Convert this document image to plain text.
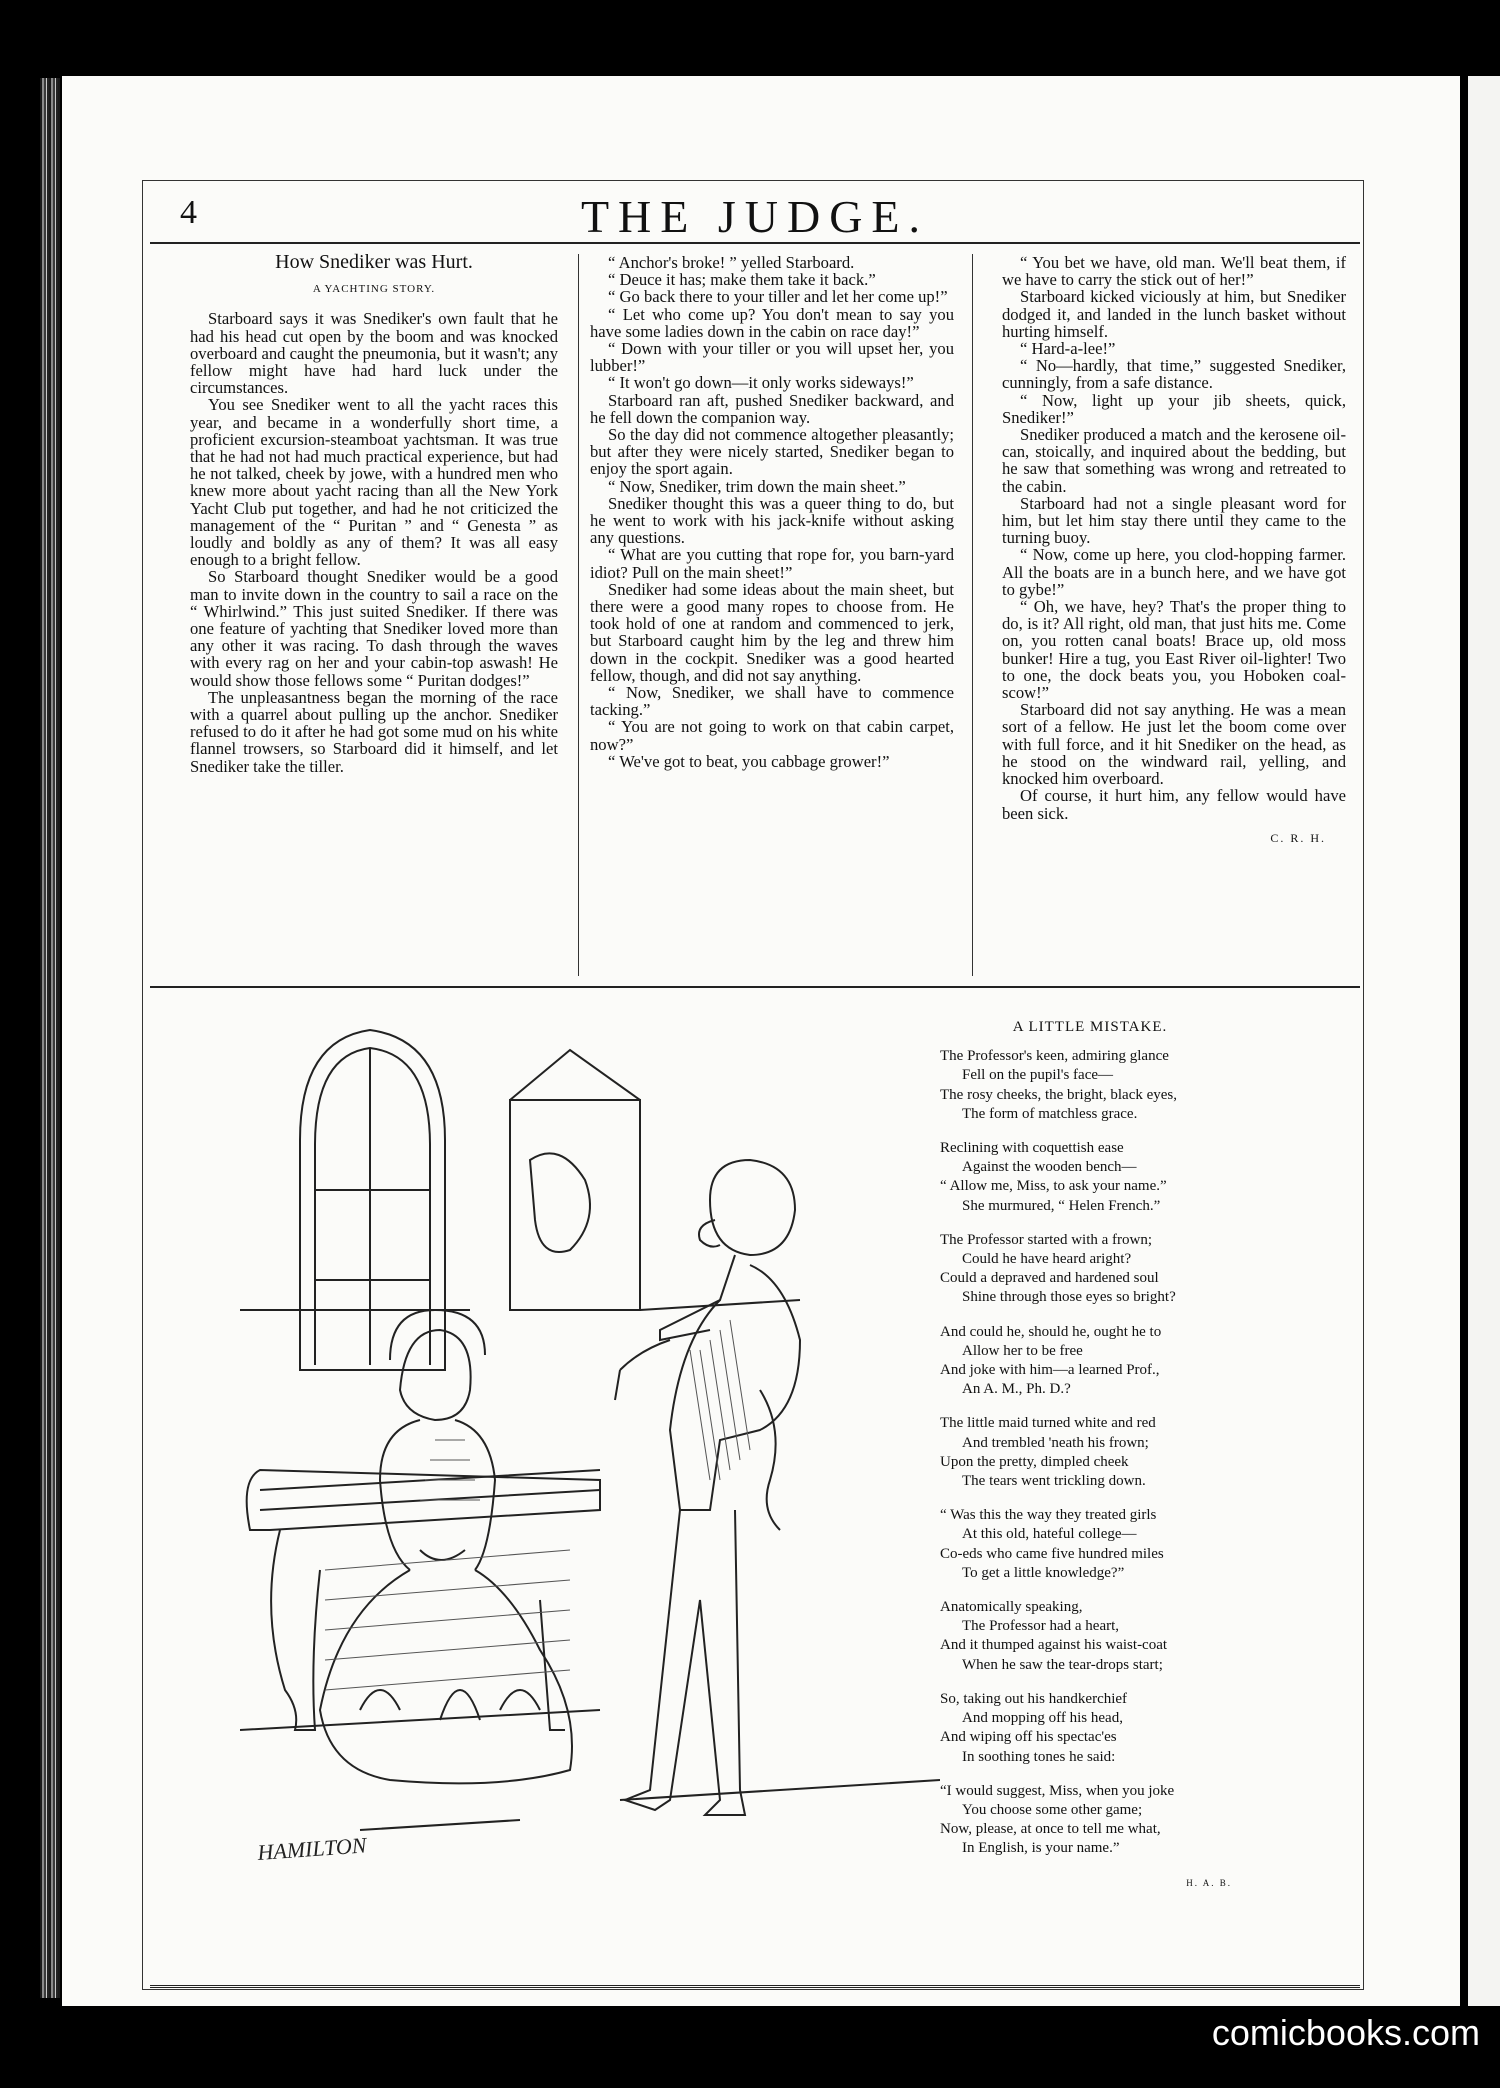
4	THE JUDGE.
How Snediker was Hurt.
A YACHTING STORY.

Starboard says it was Snediker's own fault that he had his head cut open by the boom and was knocked overboard and caught the pneumonia, but it wasn't; any fellow might have had hard luck under the circumstances.

You see Snediker went to all the yacht races this year, and became in a wonderfully short time, a proficient excursion-steamboat yachtsman. It was true that he had not had much practical experience, but had he not talked, cheek by jowe, with a hundred men who knew more about yacht racing than all the New York Yacht Club put together, and had he not criticized the management of the “ Puritan ” and “ Genesta ” as loudly and boldly as any of them? It was all easy enough to a bright fellow.

So Starboard thought Snediker would be a good man to invite down in the country to sail a race on the “ Whirlwind.” This just suited Snediker. If there was one feature of yachting that Snediker loved more than any other it was racing. To dash through the waves with every rag on her and your cabin-top aswash! He would show those fellows some “ Puritan dodges!”

The unpleasantness began the morning of the race with a quarrel about pulling up the anchor. Snediker refused to do it after he had got some mud on his white flannel trowsers, so Starboard did it himself, and let Snediker take the tiller.

“ Anchor's broke! ” yelled Starboard.

“ Deuce it has; make them take it back.”

“ Go back there to your tiller and let her come up!”

“ Let who come up? You don't mean to say you have some ladies down in the cabin on race day!”

“ Down with your tiller or you will upset her, you lubber!”

“ It won't go down—it only works sideways!”

Starboard ran aft, pushed Snediker backward, and he fell down the companion way.

So the day did not commence altogether pleasantly; but after they were nicely started, Snediker began to enjoy the sport again.

“ Now, Snediker, trim down the main sheet.”

Snediker thought this was a queer thing to do, but he went to work with his jack-knife without asking any questions.

“ What are you cutting that rope for, you barn-yard idiot? Pull on the main sheet!”

Snediker had some ideas about the main sheet, but there were a good many ropes to choose from. He took hold of one at random and commenced to jerk, but Starboard caught him by the leg and threw him down in the cockpit. Snediker was a good hearted fellow, though, and did not say anything.

“ Now, Snediker, we shall have to commence tacking.”

“ You are not going to work on that cabin carpet, now?”

“ We've got to beat, you cabbage grower!”

“ You bet we have, old man. We'll beat them, if we have to carry the stick out of her!”

Starboard kicked viciously at him, but Snediker dodged it, and landed in the lunch basket without hurting himself.

“ Hard-a-lee!”

“ No—hardly, that time,” suggested Snediker, cunningly, from a safe distance.

“ Now, light up your jib sheets, quick, Snediker!”

Snediker produced a match and the kerosene oil-can, stoically, and inquired about the bedding, but he saw that something was wrong and retreated to the cabin.

Starboard had not a single pleasant word for him, but let him stay there until they came to the turning buoy.

“ Now, come up here, you clod-hopping farmer. All the boats are in a bunch here, and we have got to gybe!”

“ Oh, we have, hey? That's the proper thing to do, is it? All right, old man, that just hits me. Come on, you rotten canal boats! Brace up, old moss bunker! Hire a tug, you East River oil-lighter! Two to one, the dock beats you, you Hoboken coal-scow!”

Starboard did not say anything. He was a mean sort of a fellow. He just let the boom come over with full force, and it hit Snediker on the head, as he stood on the windward rail, yelling, and knocked him overboard.

Of course, it hurt him, any fellow would have been sick.

C. R. H.
HAMILTON
A LITTLE MISTAKE.
The Professor's keen, admiring glance
Fell on the pupil's face—
The rosy cheeks, the bright, black eyes,
The form of matchless grace.
Reclining with coquettish ease
Against the wooden bench—
“ Allow me, Miss, to ask your name.”
She murmured, “ Helen French.”
The Professor started with a frown;
Could he have heard aright?
Could a depraved and hardened soul
Shine through those eyes so bright?
And could he, should he, ought he to
Allow her to be free
And joke with him—a learned Prof.,
An A. M., Ph. D.?
The little maid turned white and red
And trembled 'neath his frown;
Upon the pretty, dimpled cheek
The tears went trickling down.
“ Was this the way they treated girls
At this old, hateful college—
Co-eds who came five hundred miles
To get a little knowledge?”
Anatomically speaking,
The Professor had a heart,
And it thumped against his waist-coat
When he saw the tear-drops start;
So, taking out his handkerchief
And mopping off his head,
And wiping off his spectac'es
In soothing tones he said:
“I would suggest, Miss, when you joke
You choose some other game;
Now, please, at once to tell me what,
In English, is your name.”
H. A. B.
comicbooks.com
